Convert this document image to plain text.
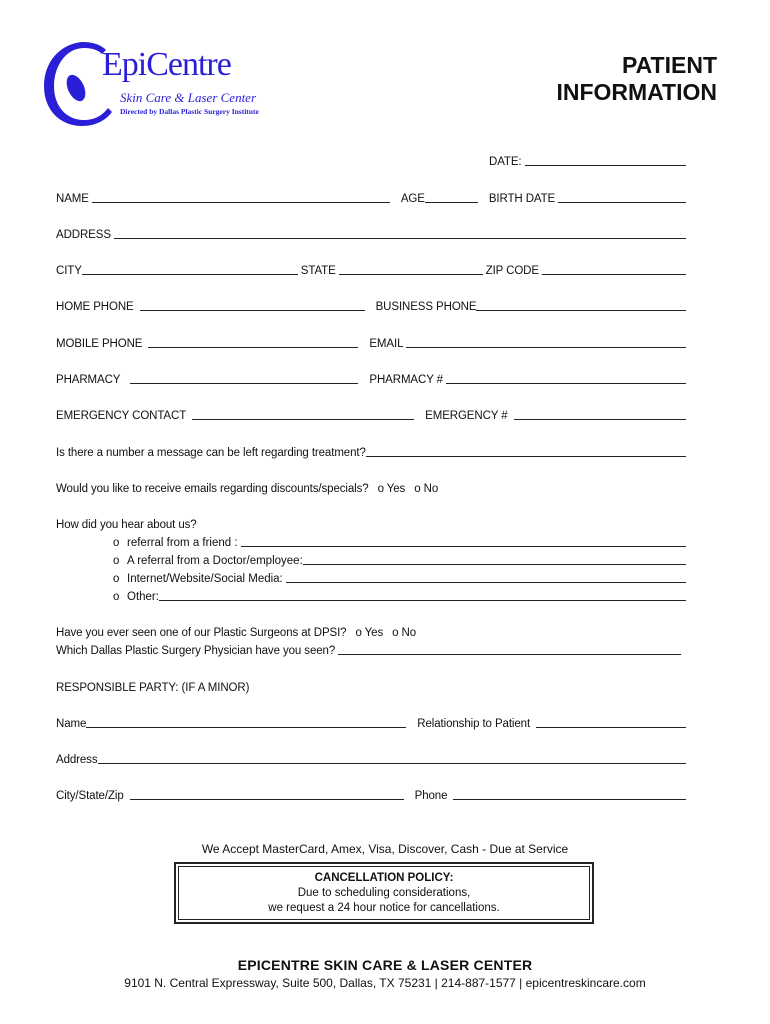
EpiCentre
Skin Care & Laser Center
Directed by Dallas Plastic Surgery Institute
PATIENT
INFORMATION
DATE:
NAME	AGE	BIRTH DATE
ADDRESS
CITY	STATE	ZIP CODE
HOME PHONE	BUSINESS PHONE
MOBILE PHONE	EMAIL
PHARMACY	PHARMACY #
EMERGENCY CONTACT	EMERGENCY #
Is there a number a message can be left regarding treatment?
Would you like to receive emails regarding discounts/specials? o Yes o No
How did you hear about us?
o referral from a friend :
o A referral from a Doctor/employee:
o Internet/Website/Social Media:
o Other:
Have you ever seen one of our Plastic Surgeons at DPSI? o Yes o No
Which Dallas Plastic Surgery Physician have you seen?
RESPONSIBLE PARTY: (IF A MINOR)
Name	Relationship to Patient
Address
City/State/Zip	Phone
We Accept MasterCard, Amex, Visa, Discover, Cash - Due at Service
CANCELLATION POLICY:
Due to scheduling considerations,
we request a 24 hour notice for cancellations.
EPICENTRE SKIN CARE & LASER CENTER
9101 N. Central Expressway, Suite 500, Dallas, TX 75231 | 214-887-1577 | epicentreskincare.com
